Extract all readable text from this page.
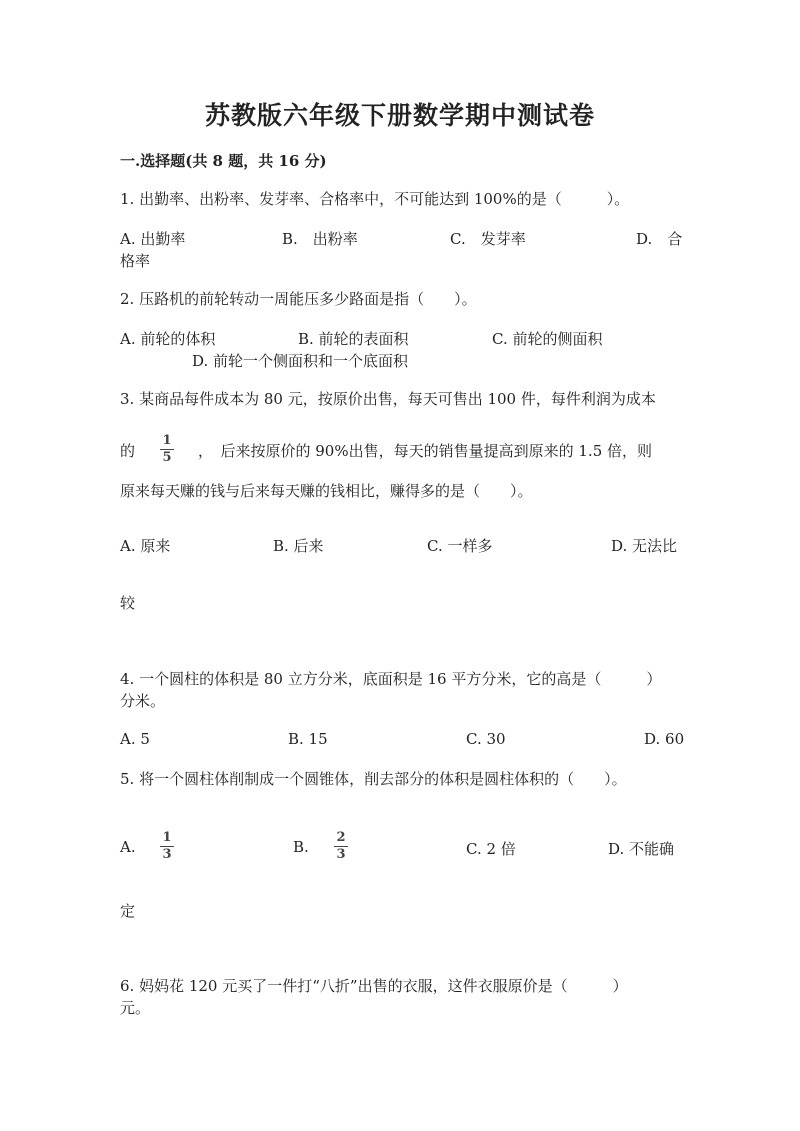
苏教版六年级下册数学期中测试卷
一.选择题(共 8 题，共 16 分)
1. 出勤率、出粉率、发芽率、合格率中，不可能达到 100%的是（　　　）。
A. 出勤率	B.　出粉率	C.　发芽率	D.　合
格率
2. 压路机的前轮转动一周能压多少路面是指（　　）。
A. 前轮的体积	B. 前轮的表面积	C. 前轮的侧面积
D. 前轮一个侧面积和一个底面积
3. 某商品每件成本为 80 元，按原价出售，每天可售出 100 件，每件利润为成本
的
1
5 ，　后来按原价的 90%出售，每天的销售量提高到原来的 1.5 倍，则
原来每天赚的钱与后来每天赚的钱相比，赚得多的是（　　）。
A. 原来	B. 后来	C. 一样多	D. 无法比
较
4. 一个圆柱的体积是 80 立方分米，底面积是 16 平方分米，它的高是（　　　）
分米。
A. 5	B. 15	C. 30	D. 60
5. 将一个圆柱体削制成一个圆锥体，削去部分的体积是圆柱体积的（　　）。
A.
1
3	B.
2
3	C. 2 倍	D. 不能确
定
6. 妈妈花 120 元买了一件打“八折”出售的衣服，这件衣服原价是（　　　）
元。
